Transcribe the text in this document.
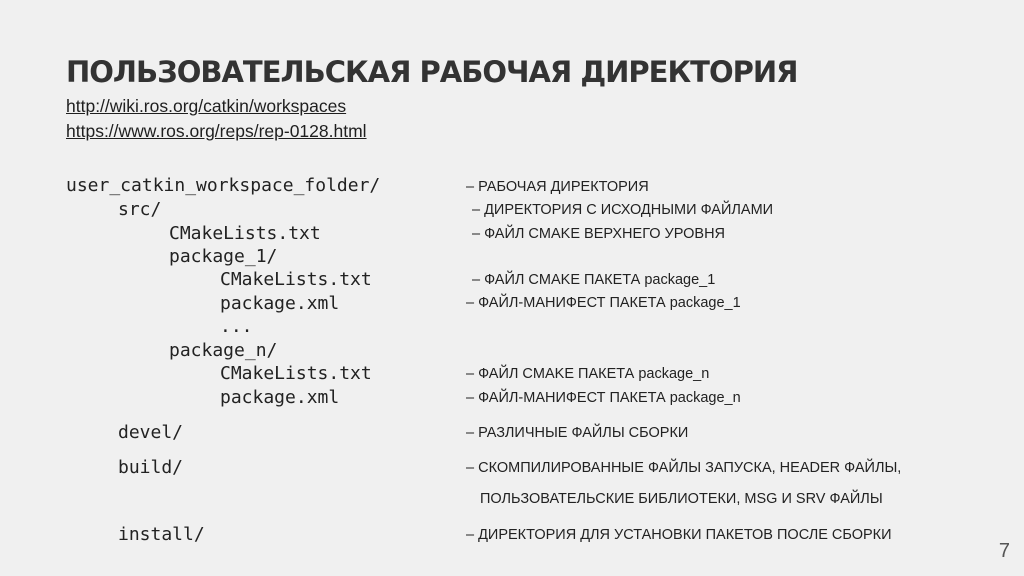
ПОЛЬЗОВАТЕЛЬСКАЯ РАБОЧАЯ ДИРЕКТОРИЯ
http://wiki.ros.org/catkin/workspaces
https://www.ros.org/reps/rep-0128.html
user_catkin_workspace_folder/
src/
CMakeLists.txt
package_1/
CMakeLists.txt
package.xml
...
package_n/
CMakeLists.txt
package.xml
devel/
build/
install/
– РАБОЧАЯ ДИРЕКТОРИЯ
– ДИРЕКТОРИЯ С ИСХОДНЫМИ ФАЙЛАМИ
– ФАЙЛ CMAKE ВЕРХНЕГО УРОВНЯ
– ФАЙЛ CMAKE ПАКЕТА package_1
– ФАЙЛ-МАНИФЕСТ ПАКЕТА package_1
– ФАЙЛ CMAKE ПАКЕТА package_n
– ФАЙЛ-МАНИФЕСТ ПАКЕТА package_n
– РАЗЛИЧНЫЕ ФАЙЛЫ СБОРКИ
– СКОМПИЛИРОВАННЫЕ ФАЙЛЫ ЗАПУСКА, HEADER ФАЙЛЫ,
ПОЛЬЗОВАТЕЛЬСКИЕ БИБЛИОТЕКИ, MSG И SRV ФАЙЛЫ
– ДИРЕКТОРИЯ ДЛЯ УСТАНОВКИ ПАКЕТОВ ПОСЛЕ СБОРКИ
7
